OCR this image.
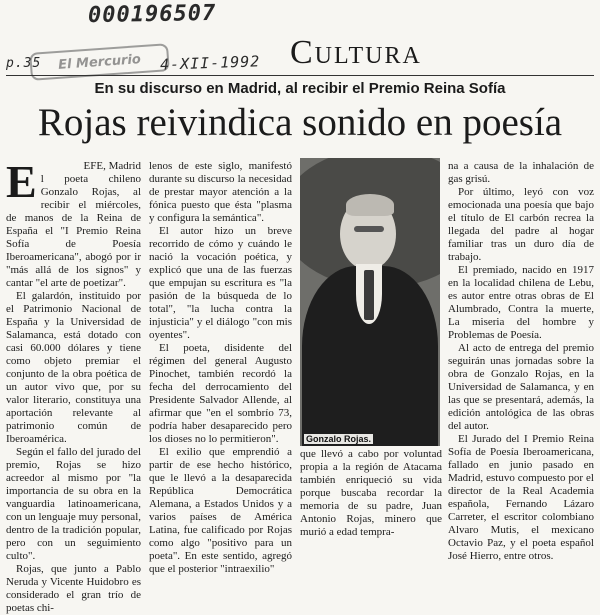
000196507
El Mercurio
p.35	4-XII-1992 Cultura
En su discurso en Madrid, al recibir el Premio Reina Sofía
Rojas reivindica sonido en poesía
E	EFE, Madrid
l poeta chileno Gonzalo Rojas, al recibir el miércoles, de manos de la Reina de España el "I Premio Reina Sofía de Poesía Iberoamericana", abogó por ir "más allá de los signos" y cantar "el arte de poetizar".

El galardón, instituido por el Patrimonio Nacional de España y la Universidad de Salamanca, está dotado con casi 60.000 dólares y tiene como objeto premiar el conjunto de la obra poética de un autor vivo que, por su valor literario, constituya una aportación relevante al patrimonio común de Iberoamérica.

Según el fallo del jurado del premio, Rojas se hizo acreedor al mismo por "la importancia de su obra en la vanguardia latinoamericana, con un lenguaje muy personal, dentro de la tradición popular, pero con un seguimiento culto".

Rojas, que junto a Pablo Neruda y Vicente Huidobro es considerado el gran trío de poetas chi-

lenos de este siglo, manifestó durante su discurso la necesidad de prestar mayor atención a la fónica puesto que ésta "plasma y configura la semántica".

El autor hizo un breve recorrido de cómo y cuándo le nació la vocación poética, y explicó que una de las fuerzas que empujan su escritura es "la pasión de la búsqueda de lo total", "la lucha contra la injusticia" y el diálogo "con mis oyentes".

El poeta, disidente del régimen del general Augusto Pinochet, también recordó la fecha del derrocamiento del Presidente Salvador Allende, al afirmar que "en el sombrío 73, podría haber desaparecido pero los dioses no lo permitieron".

El exilio que emprendió a partir de ese hecho histórico, que le llevó a la desaparecida República Democrática Alemana, a Estados Unidos y a varios países de América Latina, fue calificado por Rojas como algo "positivo para un poeta". En este sentido, agregó que el posterior "intraexilio"

Gonzalo Rojas.

que llevó a cabo por voluntad propia a la región de Atacama también enriqueció su vida porque buscaba recordar la memoria de su padre, Juan Antonio Rojas, minero que murió a edad tempra-

na a causa de la inhalación de gas grisú.

Por último, leyó con voz emocionada una poesía que bajo el título de El carbón recrea la llegada del padre al hogar familiar tras un duro día de trabajo.

El premiado, nacido en 1917 en la localidad chilena de Lebu, es autor entre otras obras de El Alumbrado, Contra la muerte, La miseria del hombre y Problemas de Poesía.

Al acto de entrega del premio seguirán unas jornadas sobre la obra de Gonzalo Rojas, en la Universidad de Salamanca, y en las que se presentará, además, la edición antológica de las obras del autor.

El Jurado del I Premio Reina Sofía de Poesía Iberoamericana, fallado en junio pasado en Madrid, estuvo compuesto por el director de la Real Academia española, Fernando Lázaro Carreter, el escritor colombiano Alvaro Mutis, el mexicano Octavio Paz, y el poeta español José Hierro, entre otros.
